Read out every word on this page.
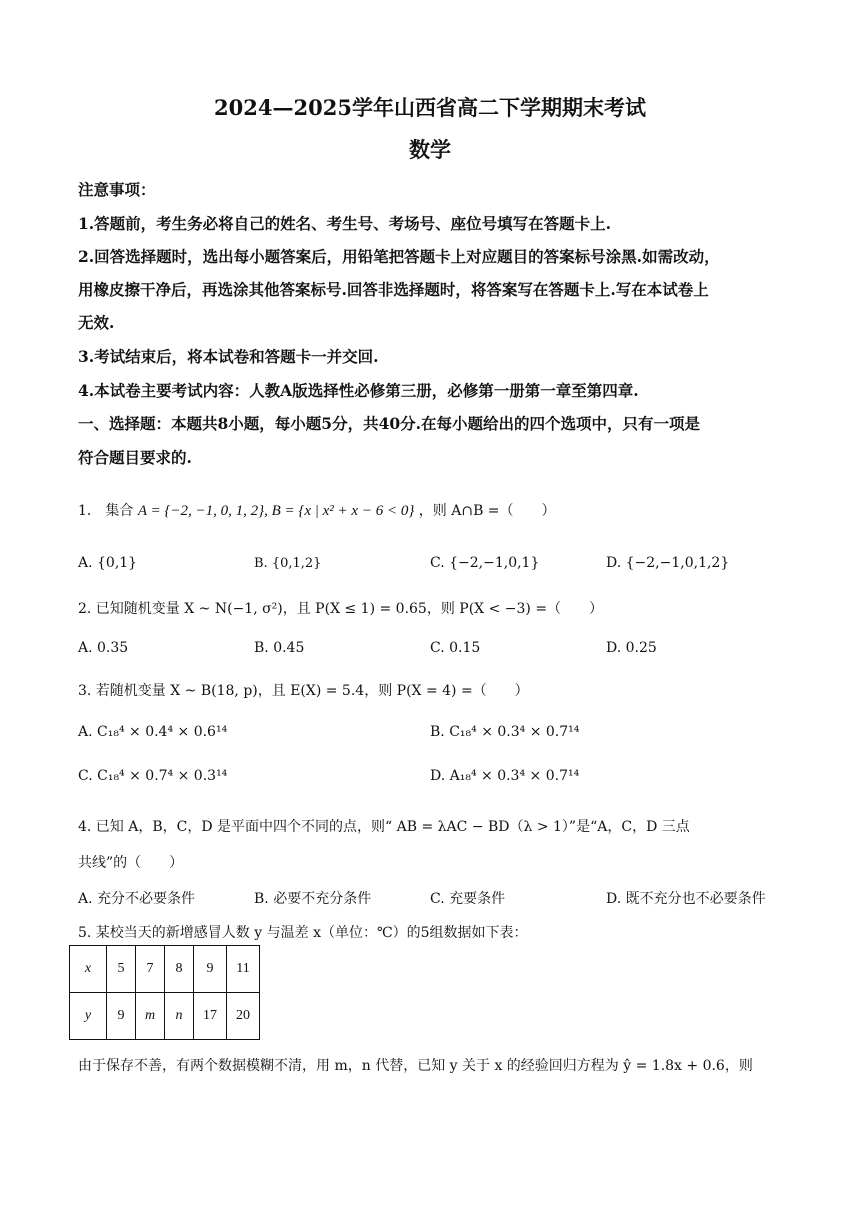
2024—2025学年山西省高二下学期期末考试
数学
注意事项：
1.答题前，考生务必将自己的姓名、考生号、考场号、座位号填写在答题卡上.
2.回答选择题时，选出每小题答案后，用铅笔把答题卡上对应题目的答案标号涂黑.如需改动，
用橡皮擦干净后，再选涂其他答案标号.回答非选择题时，将答案写在答题卡上.写在本试卷上
无效.
3.考试结束后，将本试卷和答题卡一并交回.
4.本试卷主要考试内容：人教A版选择性必修第三册，必修第一册第一章至第四章.
一、选择题：本题共8小题，每小题5分，共40分.在每小题给出的四个选项中，只有一项是
符合题目要求的.
1． 集合 A = {−2, −1, 0, 1, 2}, B = {x | x² + x − 6 < 0} ，则 A∩B =（　　）
A. {0,1}	B. {0,1,2}	C. {−2,−1,0,1}	D. {−2,−1,0,1,2}
2. 已知随机变量 X ~ N(−1, σ²)，且 P(X ≤ 1) = 0.65，则 P(X < −3) =（　　）
A. 0.35	B. 0.45	C. 0.15	D. 0.25
3. 若随机变量 X ~ B(18, p)，且 E(X) = 5.4，则 P(X = 4) =（　　）
A. C₁₈⁴ × 0.4⁴ × 0.6¹⁴	B. C₁₈⁴ × 0.3⁴ × 0.7¹⁴
C. C₁₈⁴ × 0.7⁴ × 0.3¹⁴	D. A₁₈⁴ × 0.3⁴ × 0.7¹⁴
4. 已知 A，B，C，D 是平面中四个不同的点，则“ AB = λAC − BD（λ > 1）”是“A，C，D 三点
共线”的（　　）
A. 充分不必要条件	B. 必要不充分条件	C. 充要条件	D. 既不充分也不必要条件
5. 某校当天的新增感冒人数 y 与温差 x（单位：℃）的5组数据如下表：
x	5	7	8	9	11
y	9	m	n	17	20
由于保存不善，有两个数据模糊不清，用 m，n 代替，已知 y 关于 x 的经验回归方程为 ŷ = 1.8x + 0.6，则
